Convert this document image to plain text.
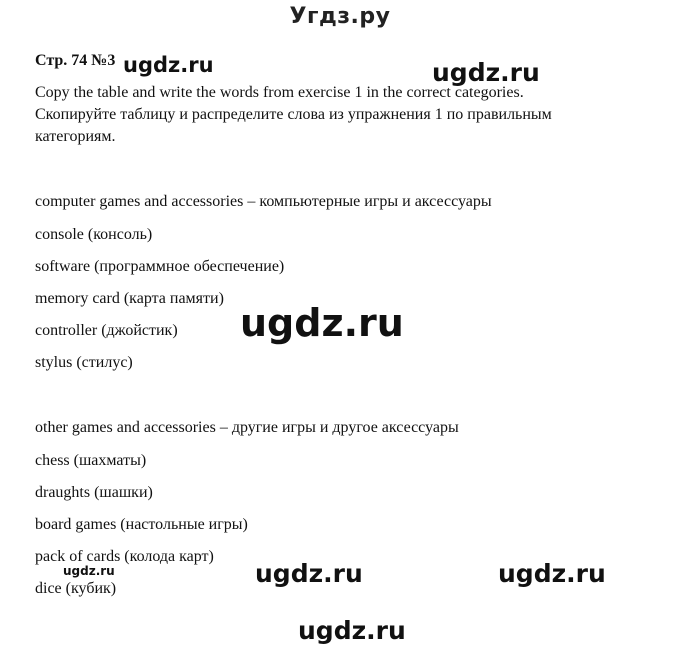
Угдз.ру
Стр. 74 №3
Copy the table and write the words from exercise 1 in the correct categories.
Скопируйте таблицу и распределите слова из упражнения 1 по правильным
категориям.
computer games and accessories – компьютерные игры и аксессуары
console (консоль)
software (программное обеспечение)
memory card (карта памяти)
controller (джойстик)
stylus (стилус)
other games and accessories – другие игры и другое аксессуары
chess (шахматы)
draughts (шашки)
board games (настольные игры)
pack of cards (колода карт)
dice (кубик)
ugdz.ru	ugdz.ru
ugdz.ru
ugdz.ru	ugdz.ru
ugdz.ru
ugdz.ru
